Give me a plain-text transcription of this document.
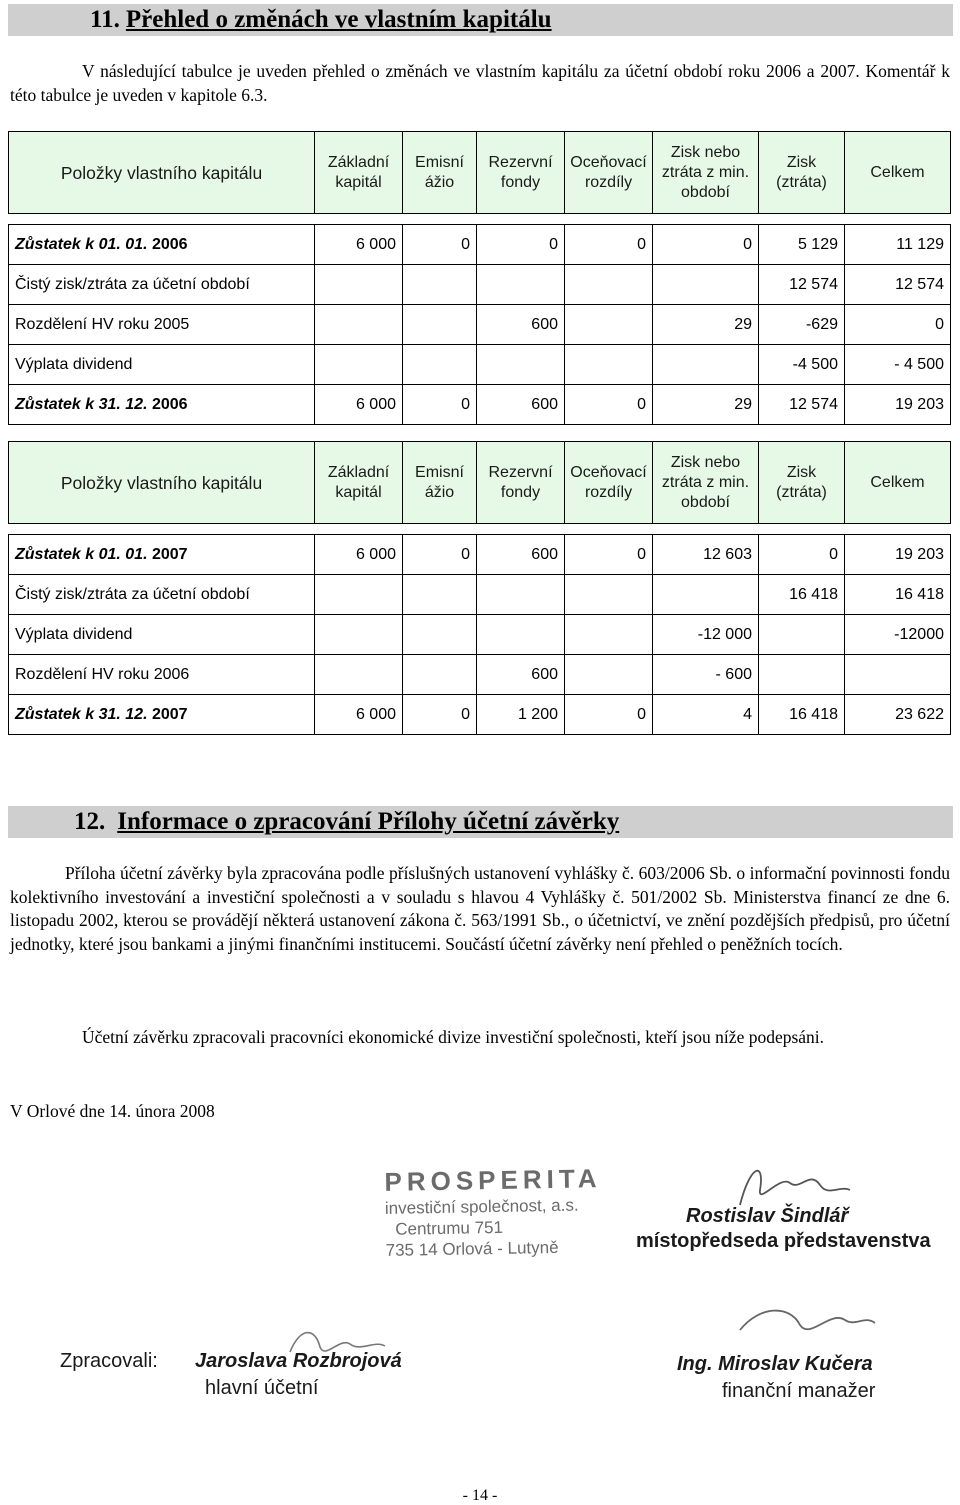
11. Přehled o změnách ve vlastním kapitálu
V následující tabulce je uveden přehled o změnách ve vlastním kapitálu za účetní období roku 2006 a 2007. Komentář k této tabulce je uveden v kapitole 6.3.
Položky vlastního kapitálu	Základní kapitál	Emisní ážio	Rezervní fondy	Oceňovací rozdíly	Zisk nebo ztráta z min. období	Zisk (ztráta)	Celkem

Zůstatek k 01. 01. 2006	6 000	0	0	0	0	5 129	11 129
Čistý zisk/ztráta za účetní období						12 574	12 574
Rozdělení HV roku 2005			600		29	-629	0
Výplata dividend						-4 500	- 4 500
Zůstatek k 31. 12. 2006	6 000	0	600	0	29	12 574	19 203
Položky vlastního kapitálu	Základní kapitál	Emisní ážio	Rezervní fondy	Oceňovací rozdíly	Zisk nebo ztráta z min. období	Zisk (ztráta)	Celkem

Zůstatek k 01. 01. 2007	6 000	0	600	0	12 603	0	19 203
Čistý zisk/ztráta za účetní období						16 418	16 418
Výplata dividend					-12 000		-12000
Rozdělení HV roku 2006			600		- 600		
Zůstatek k 31. 12. 2007	6 000	0	1 200	0	4	16 418	23 622
12. Informace o zpracování Přílohy účetní závěrky
Příloha účetní závěrky byla zpracována podle příslušných ustanovení vyhlášky č. 603/2006 Sb. o informační povinnosti fondu kolektivního investování a investiční společnosti a v souladu s hlavou 4 Vyhlášky č. 501/2002 Sb. Ministerstva financí ze dne 6. listopadu 2002, kterou se provádějí některá ustanovení zákona č. 563/1991 Sb., o účetnictví, ve znění pozdějších předpisů, pro účetní jednotky, které jsou bankami a jinými finančními institucemi. Součástí účetní závěrky není přehled o peněžních tocích.
Účetní závěrku zpracovali pracovníci ekonomické divize investiční společnosti, kteří jsou níže podepsáni.
V Orlové dne 14. února 2008
PROSPERITA
investiční společnost, a.s.
Centrumu 751
735 14 Orlová - Lutyně
Rostislav Šindlář
místopředseda představenstva
Zpracovali: Jaroslava Rozbrojová
hlavní účetní
Ing. Miroslav Kučera
finanční manažer
- 14 -
